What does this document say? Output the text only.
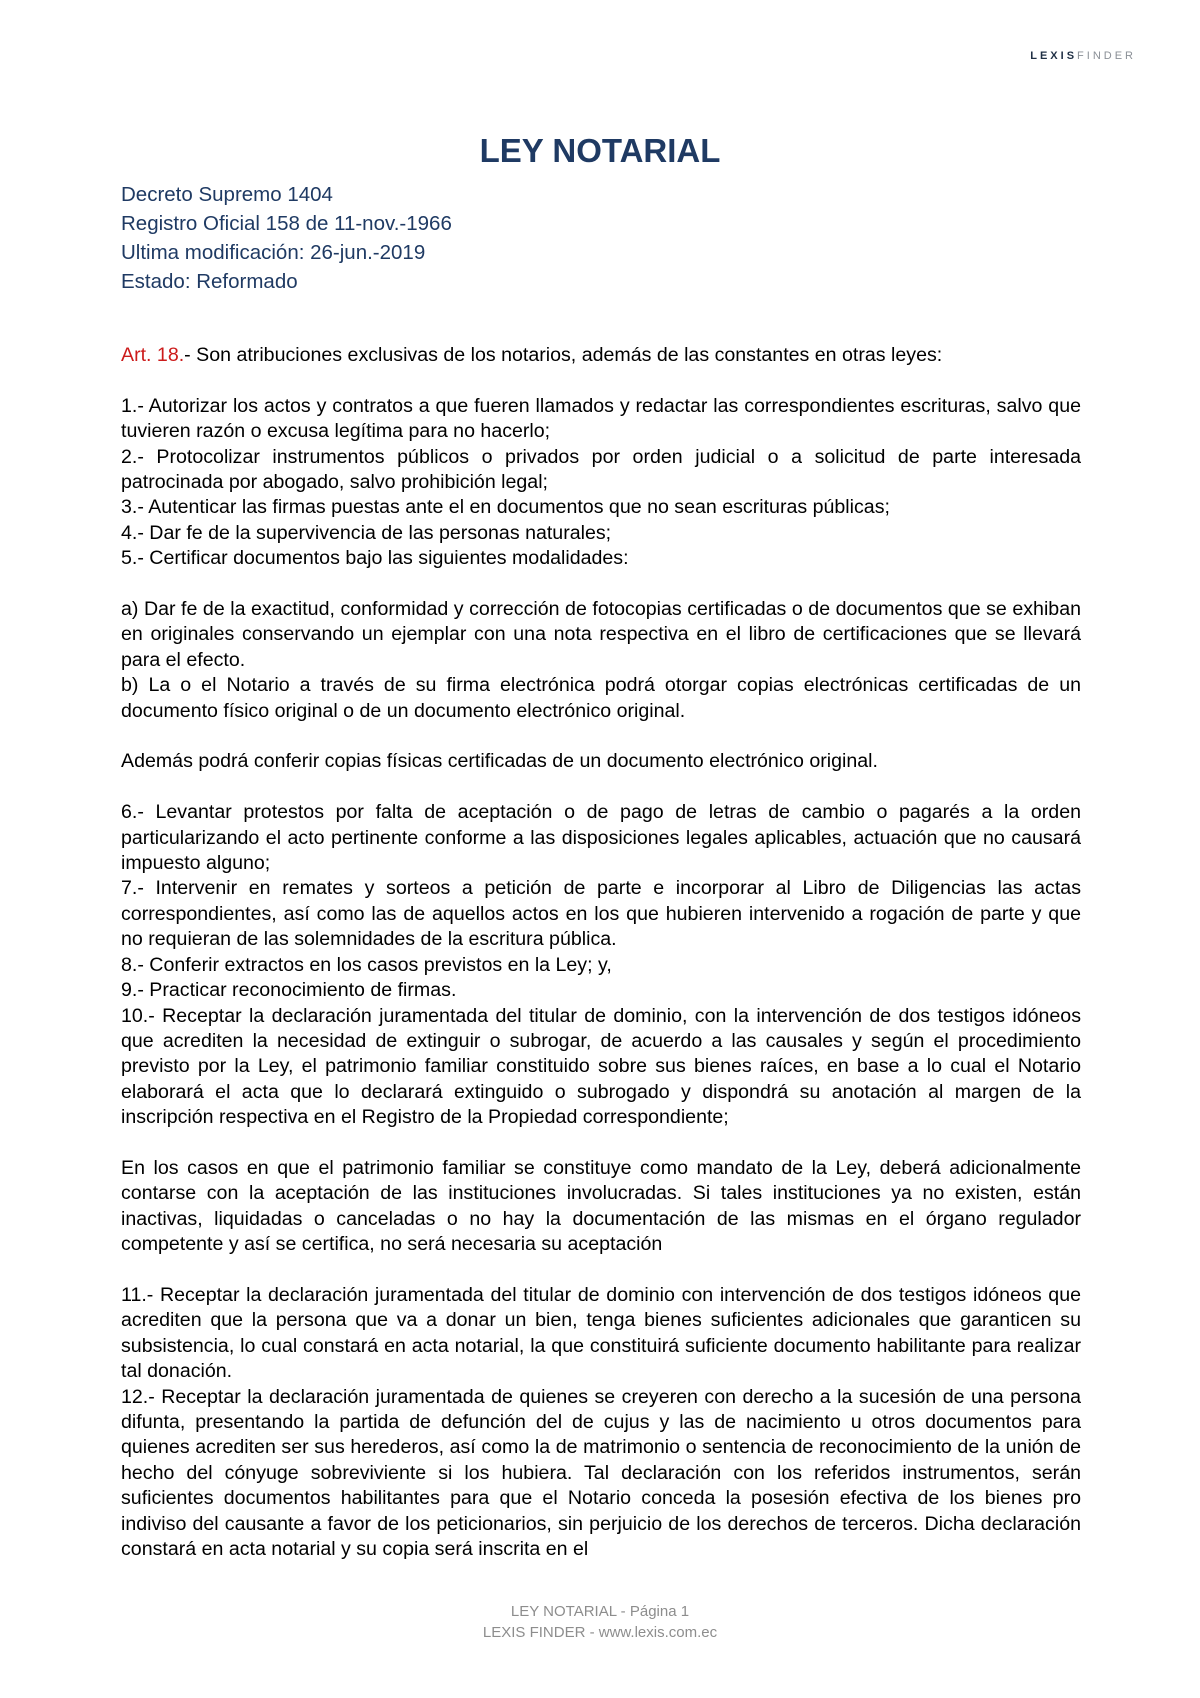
LEXISFINDER
LEY NOTARIAL
Decreto Supremo 1404
Registro Oficial 158 de 11-nov.-1966
Ultima modificación: 26-jun.-2019
Estado: Reformado

Art. 18.- Son atribuciones exclusivas de los notarios, además de las constantes en otras leyes:

1.- Autorizar los actos y contratos a que fueren llamados y redactar las correspondientes escrituras, salvo que tuvieren razón o excusa legítima para no hacerlo;

2.- Protocolizar instrumentos públicos o privados por orden judicial o a solicitud de parte interesada patrocinada por abogado, salvo prohibición legal;

3.- Autenticar las firmas puestas ante el en documentos que no sean escrituras públicas;

4.- Dar fe de la supervivencia de las personas naturales;

5.- Certificar documentos bajo las siguientes modalidades:

a) Dar fe de la exactitud, conformidad y corrección de fotocopias certificadas o de documentos que se exhiban en originales conservando un ejemplar con una nota respectiva en el libro de certificaciones que se llevará para el efecto.

b) La o el Notario a través de su firma electrónica podrá otorgar copias electrónicas certificadas de un documento físico original o de un documento electrónico original.

Además podrá conferir copias físicas certificadas de un documento electrónico original.

6.- Levantar protestos por falta de aceptación o de pago de letras de cambio o pagarés a la orden particularizando el acto pertinente conforme a las disposiciones legales aplicables, actuación que no causará impuesto alguno;

7.- Intervenir en remates y sorteos a petición de parte e incorporar al Libro de Diligencias las actas correspondientes, así como las de aquellos actos en los que hubieren intervenido a rogación de parte y que no requieran de las solemnidades de la escritura pública.

8.- Conferir extractos en los casos previstos en la Ley; y,

9.- Practicar reconocimiento de firmas.

10.- Receptar la declaración juramentada del titular de dominio, con la intervención de dos testigos idóneos que acrediten la necesidad de extinguir o subrogar, de acuerdo a las causales y según el procedimiento previsto por la Ley, el patrimonio familiar constituido sobre sus bienes raíces, en base a lo cual el Notario elaborará el acta que lo declarará extinguido o subrogado y dispondrá su anotación al margen de la inscripción respectiva en el Registro de la Propiedad correspondiente;

En los casos en que el patrimonio familiar se constituye como mandato de la Ley, deberá adicionalmente contarse con la aceptación de las instituciones involucradas. Si tales instituciones ya no existen, están inactivas, liquidadas o canceladas o no hay la documentación de las mismas en el órgano regulador competente y así se certifica, no será necesaria su aceptación

11.- Receptar la declaración juramentada del titular de dominio con intervención de dos testigos idóneos que acrediten que la persona que va a donar un bien, tenga bienes suficientes adicionales que garanticen su subsistencia, lo cual constará en acta notarial, la que constituirá suficiente documento habilitante para realizar tal donación.

12.- Receptar la declaración juramentada de quienes se creyeren con derecho a la sucesión de una persona difunta, presentando la partida de defunción del de cujus y las de nacimiento u otros documentos para quienes acrediten ser sus herederos, así como la de matrimonio o sentencia de reconocimiento de la unión de hecho del cónyuge sobreviviente si los hubiera. Tal declaración con los referidos instrumentos, serán suficientes documentos habilitantes para que el Notario conceda la posesión efectiva de los bienes pro indiviso del causante a favor de los peticionarios, sin perjuicio de los derechos de terceros. Dicha declaración constará en acta notarial y su copia será inscrita en el

LEY NOTARIAL - Página 1
LEXIS FINDER - www.lexis.com.ec
